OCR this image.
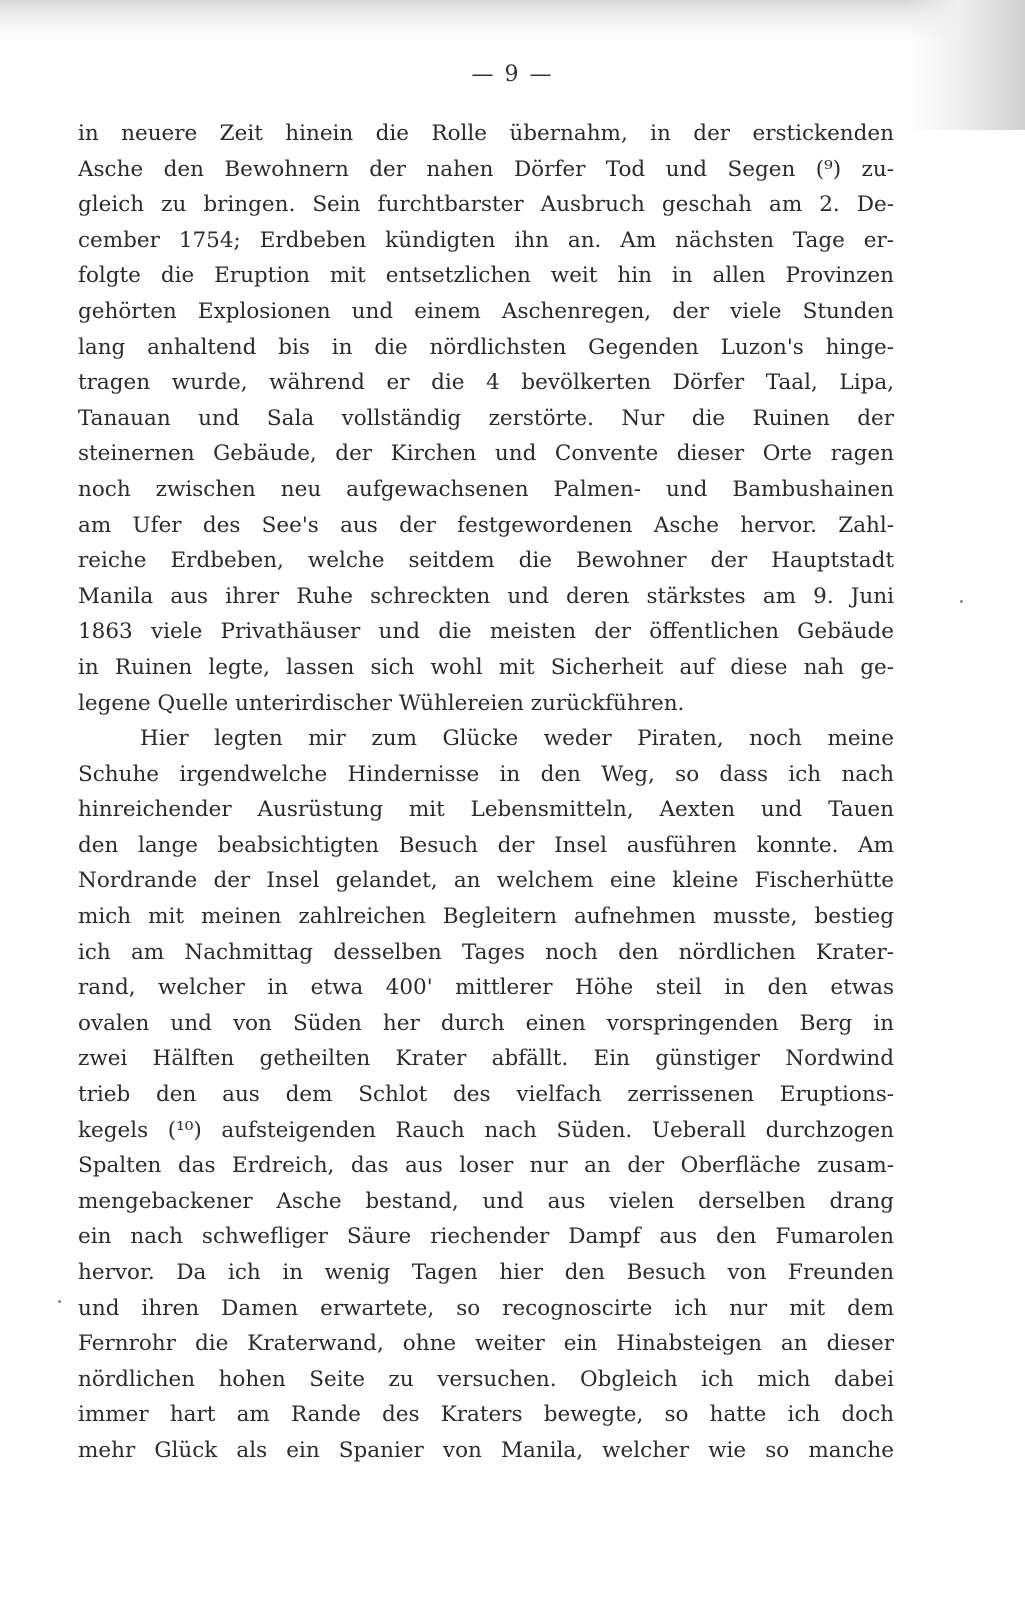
— 9 —
in neuere Zeit hinein die Rolle übernahm, in der erstickenden
Asche den Bewohnern der nahen Dörfer Tod und Segen (⁹) zu-
gleich zu bringen. Sein furchtbarster Ausbruch geschah am 2. De-
cember 1754; Erdbeben kündigten ihn an. Am nächsten Tage er-
folgte die Eruption mit entsetzlichen weit hin in allen Provinzen
gehörten Explosionen und einem Aschenregen, der viele Stunden
lang anhaltend bis in die nördlichsten Gegenden Luzon's hinge-
tragen wurde, während er die 4 bevölkerten Dörfer Taal, Lipa,
Tanauan und Sala vollständig zerstörte. Nur die Ruinen der
steinernen Gebäude, der Kirchen und Convente dieser Orte ragen
noch zwischen neu aufgewachsenen Palmen- und Bambushainen
am Ufer des See's aus der festgewordenen Asche hervor. Zahl-
reiche Erdbeben, welche seitdem die Bewohner der Hauptstadt
Manila aus ihrer Ruhe schreckten und deren stärkstes am 9. Juni
1863 viele Privathäuser und die meisten der öffentlichen Gebäude
in Ruinen legte, lassen sich wohl mit Sicherheit auf diese nah ge-
legene Quelle unterirdischer Wühlereien zurückführen.
Hier legten mir zum Glücke weder Piraten, noch meine
Schuhe irgendwelche Hindernisse in den Weg, so dass ich nach
hinreichender Ausrüstung mit Lebensmitteln, Aexten und Tauen
den lange beabsichtigten Besuch der Insel ausführen konnte. Am
Nordrande der Insel gelandet, an welchem eine kleine Fischerhütte
mich mit meinen zahlreichen Begleitern aufnehmen musste, bestieg
ich am Nachmittag desselben Tages noch den nördlichen Krater-
rand, welcher in etwa 400' mittlerer Höhe steil in den etwas
ovalen und von Süden her durch einen vorspringenden Berg in
zwei Hälften getheilten Krater abfällt. Ein günstiger Nordwind
trieb den aus dem Schlot des vielfach zerrissenen Eruptions-
kegels (¹⁰) aufsteigenden Rauch nach Süden. Ueberall durchzogen
Spalten das Erdreich, das aus loser nur an der Oberfläche zusam-
mengebackener Asche bestand, und aus vielen derselben drang
ein nach schwefliger Säure riechender Dampf aus den Fumarolen
hervor. Da ich in wenig Tagen hier den Besuch von Freunden
und ihren Damen erwartete, so recognoscirte ich nur mit dem
Fernrohr die Kraterwand, ohne weiter ein Hinabsteigen an dieser
nördlichen hohen Seite zu versuchen. Obgleich ich mich dabei
immer hart am Rande des Kraters bewegte, so hatte ich doch
mehr Glück als ein Spanier von Manila, welcher wie so manche
